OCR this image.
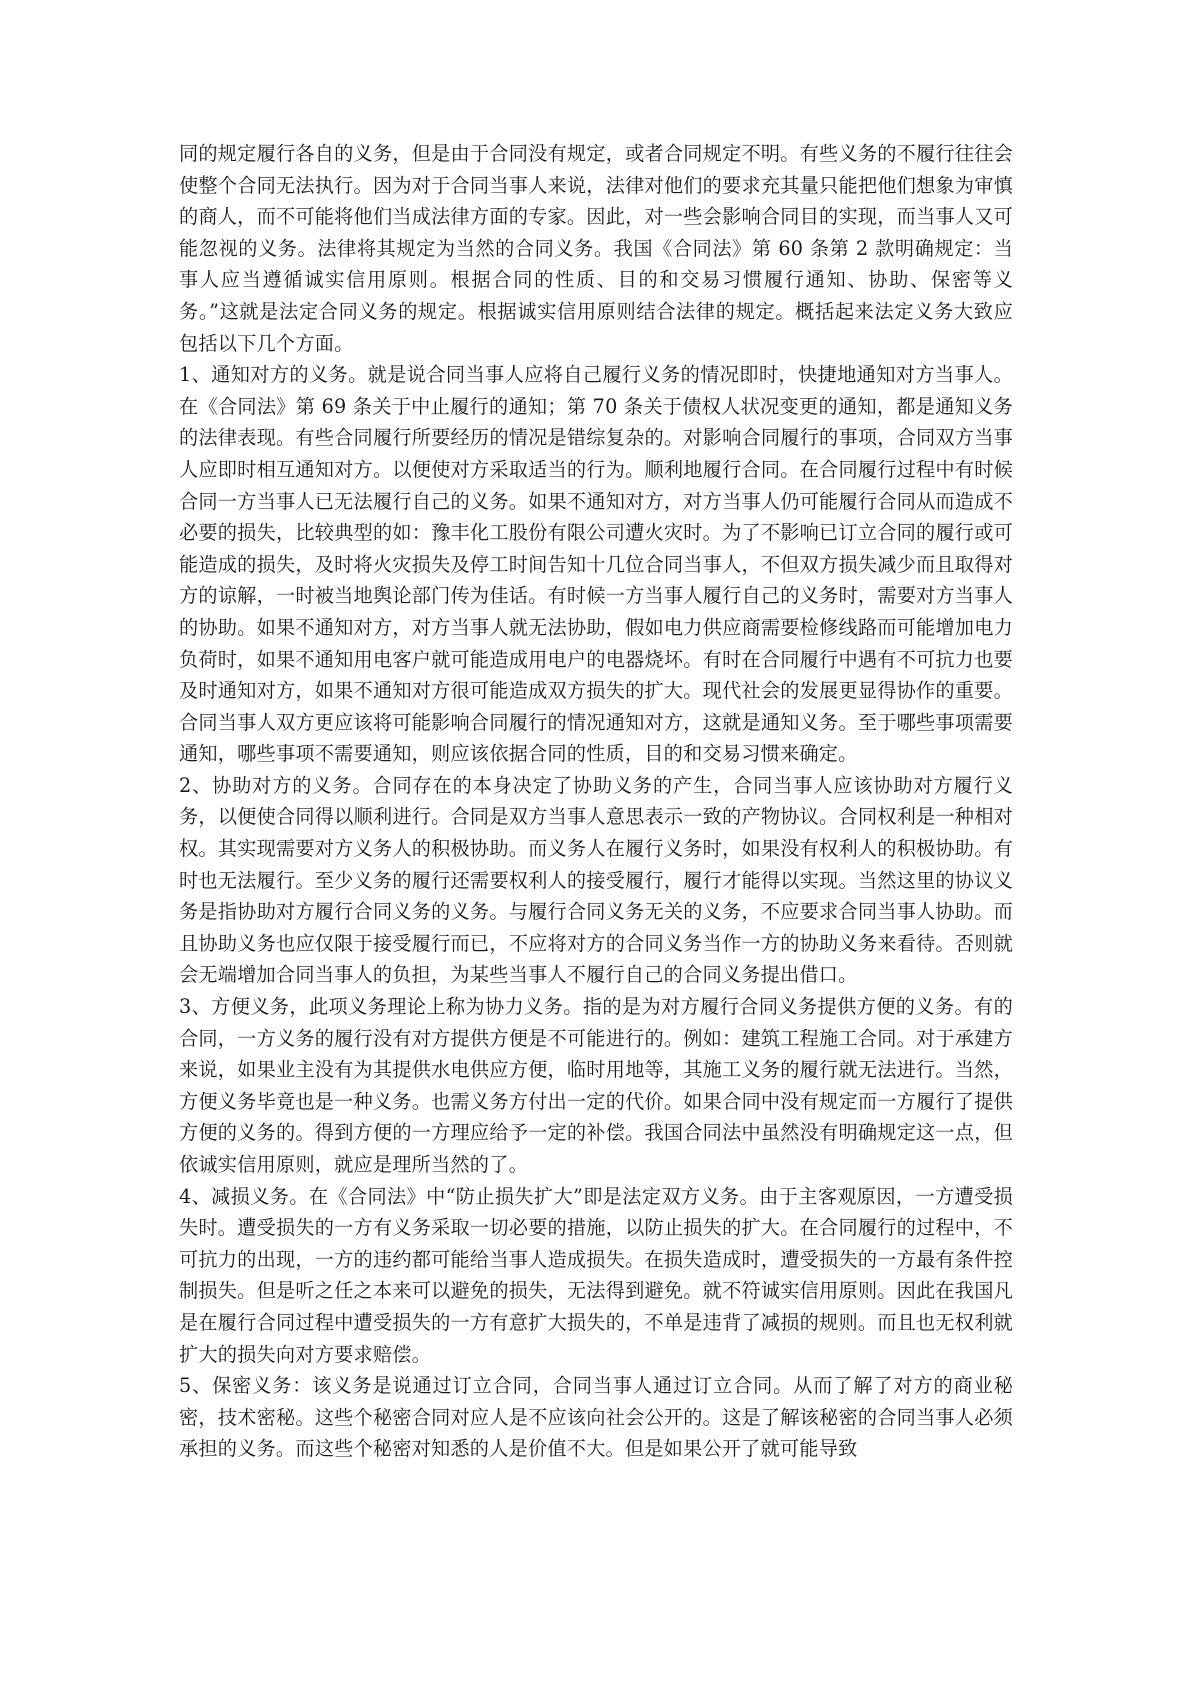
同的规定履行各自的义务，但是由于合同没有规定，或者合同规定不明。有些义务的不履行往往会使整个合同无法执行。因为对于合同当事人来说，法律对他们的要求充其量只能把他们想象为审慎的商人，而不可能将他们当成法律方面的专家。因此，对一些会影响合同目的实现，而当事人又可能忽视的义务。法律将其规定为当然的合同义务。我国《合同法》第 60 条第 2 款明确规定：当事人应当遵循诚实信用原则。根据合同的性质、目的和交易习惯履行通知、协助、保密等义务。”这就是法定合同义务的规定。根据诚实信用原则结合法律的规定。概括起来法定义务大致应包括以下几个方面。

1、通知对方的义务。就是说合同当事人应将自己履行义务的情况即时，快捷地通知对方当事人。在《合同法》第 69 条关于中止履行的通知；第 70 条关于债权人状况变更的通知，都是通知义务的法律表现。有些合同履行所要经历的情况是错综复杂的。对影响合同履行的事项，合同双方当事人应即时相互通知对方。以便使对方采取适当的行为。顺利地履行合同。在合同履行过程中有时候合同一方当事人已无法履行自己的义务。如果不通知对方，对方当事人仍可能履行合同从而造成不必要的损失，比较典型的如：豫丰化工股份有限公司遭火灾时。为了不影响已订立合同的履行或可能造成的损失，及时将火灾损失及停工时间告知十几位合同当事人，不但双方损失减少而且取得对方的谅解，一时被当地舆论部门传为佳话。有时候一方当事人履行自己的义务时，需要对方当事人的协助。如果不通知对方，对方当事人就无法协助，假如电力供应商需要检修线路而可能增加电力负荷时，如果不通知用电客户就可能造成用电户的电器烧坏。有时在合同履行中遇有不可抗力也要及时通知对方，如果不通知对方很可能造成双方损失的扩大。现代社会的发展更显得协作的重要。合同当事人双方更应该将可能影响合同履行的情况通知对方，这就是通知义务。至于哪些事项需要通知，哪些事项不需要通知，则应该依据合同的性质，目的和交易习惯来确定。

2、协助对方的义务。合同存在的本身决定了协助义务的产生，合同当事人应该协助对方履行义务，以便使合同得以顺利进行。合同是双方当事人意思表示一致的产物协议。合同权利是一种相对权。其实现需要对方义务人的积极协助。而义务人在履行义务时，如果没有权利人的积极协助。有时也无法履行。至少义务的履行还需要权利人的接受履行，履行才能得以实现。当然这里的协议义务是指协助对方履行合同义务的义务。与履行合同义务无关的义务，不应要求合同当事人协助。而且协助义务也应仅限于接受履行而已，不应将对方的合同义务当作一方的协助义务来看待。否则就会无端增加合同当事人的负担，为某些当事人不履行自己的合同义务提出借口。

3、方便义务，此项义务理论上称为协力义务。指的是为对方履行合同义务提供方便的义务。有的合同，一方义务的履行没有对方提供方便是不可能进行的。例如：建筑工程施工合同。对于承建方来说，如果业主没有为其提供水电供应方便，临时用地等，其施工义务的履行就无法进行。当然，方便义务毕竟也是一种义务。也需义务方付出一定的代价。如果合同中没有规定而一方履行了提供方便的义务的。得到方便的一方理应给予一定的补偿。我国合同法中虽然没有明确规定这一点，但依诚实信用原则，就应是理所当然的了。

4、减损义务。在《合同法》中“防止损失扩大”即是法定双方义务。由于主客观原因，一方遭受损失时。遭受损失的一方有义务采取一切必要的措施，以防止损失的扩大。在合同履行的过程中，不可抗力的出现，一方的违约都可能给当事人造成损失。在损失造成时，遭受损失的一方最有条件控制损失。但是听之任之本来可以避免的损失，无法得到避免。就不符诚实信用原则。因此在我国凡是在履行合同过程中遭受损失的一方有意扩大损失的，不单是违背了减损的规则。而且也无权利就扩大的损失向对方要求赔偿。

5、保密义务：该义务是说通过订立合同，合同当事人通过订立合同。从而了解了对方的商业秘密，技术密秘。这些个秘密合同对应人是不应该向社会公开的。这是了解该秘密的合同当事人必须承担的义务。而这些个秘密对知悉的人是价值不大。但是如果公开了就可能导致
